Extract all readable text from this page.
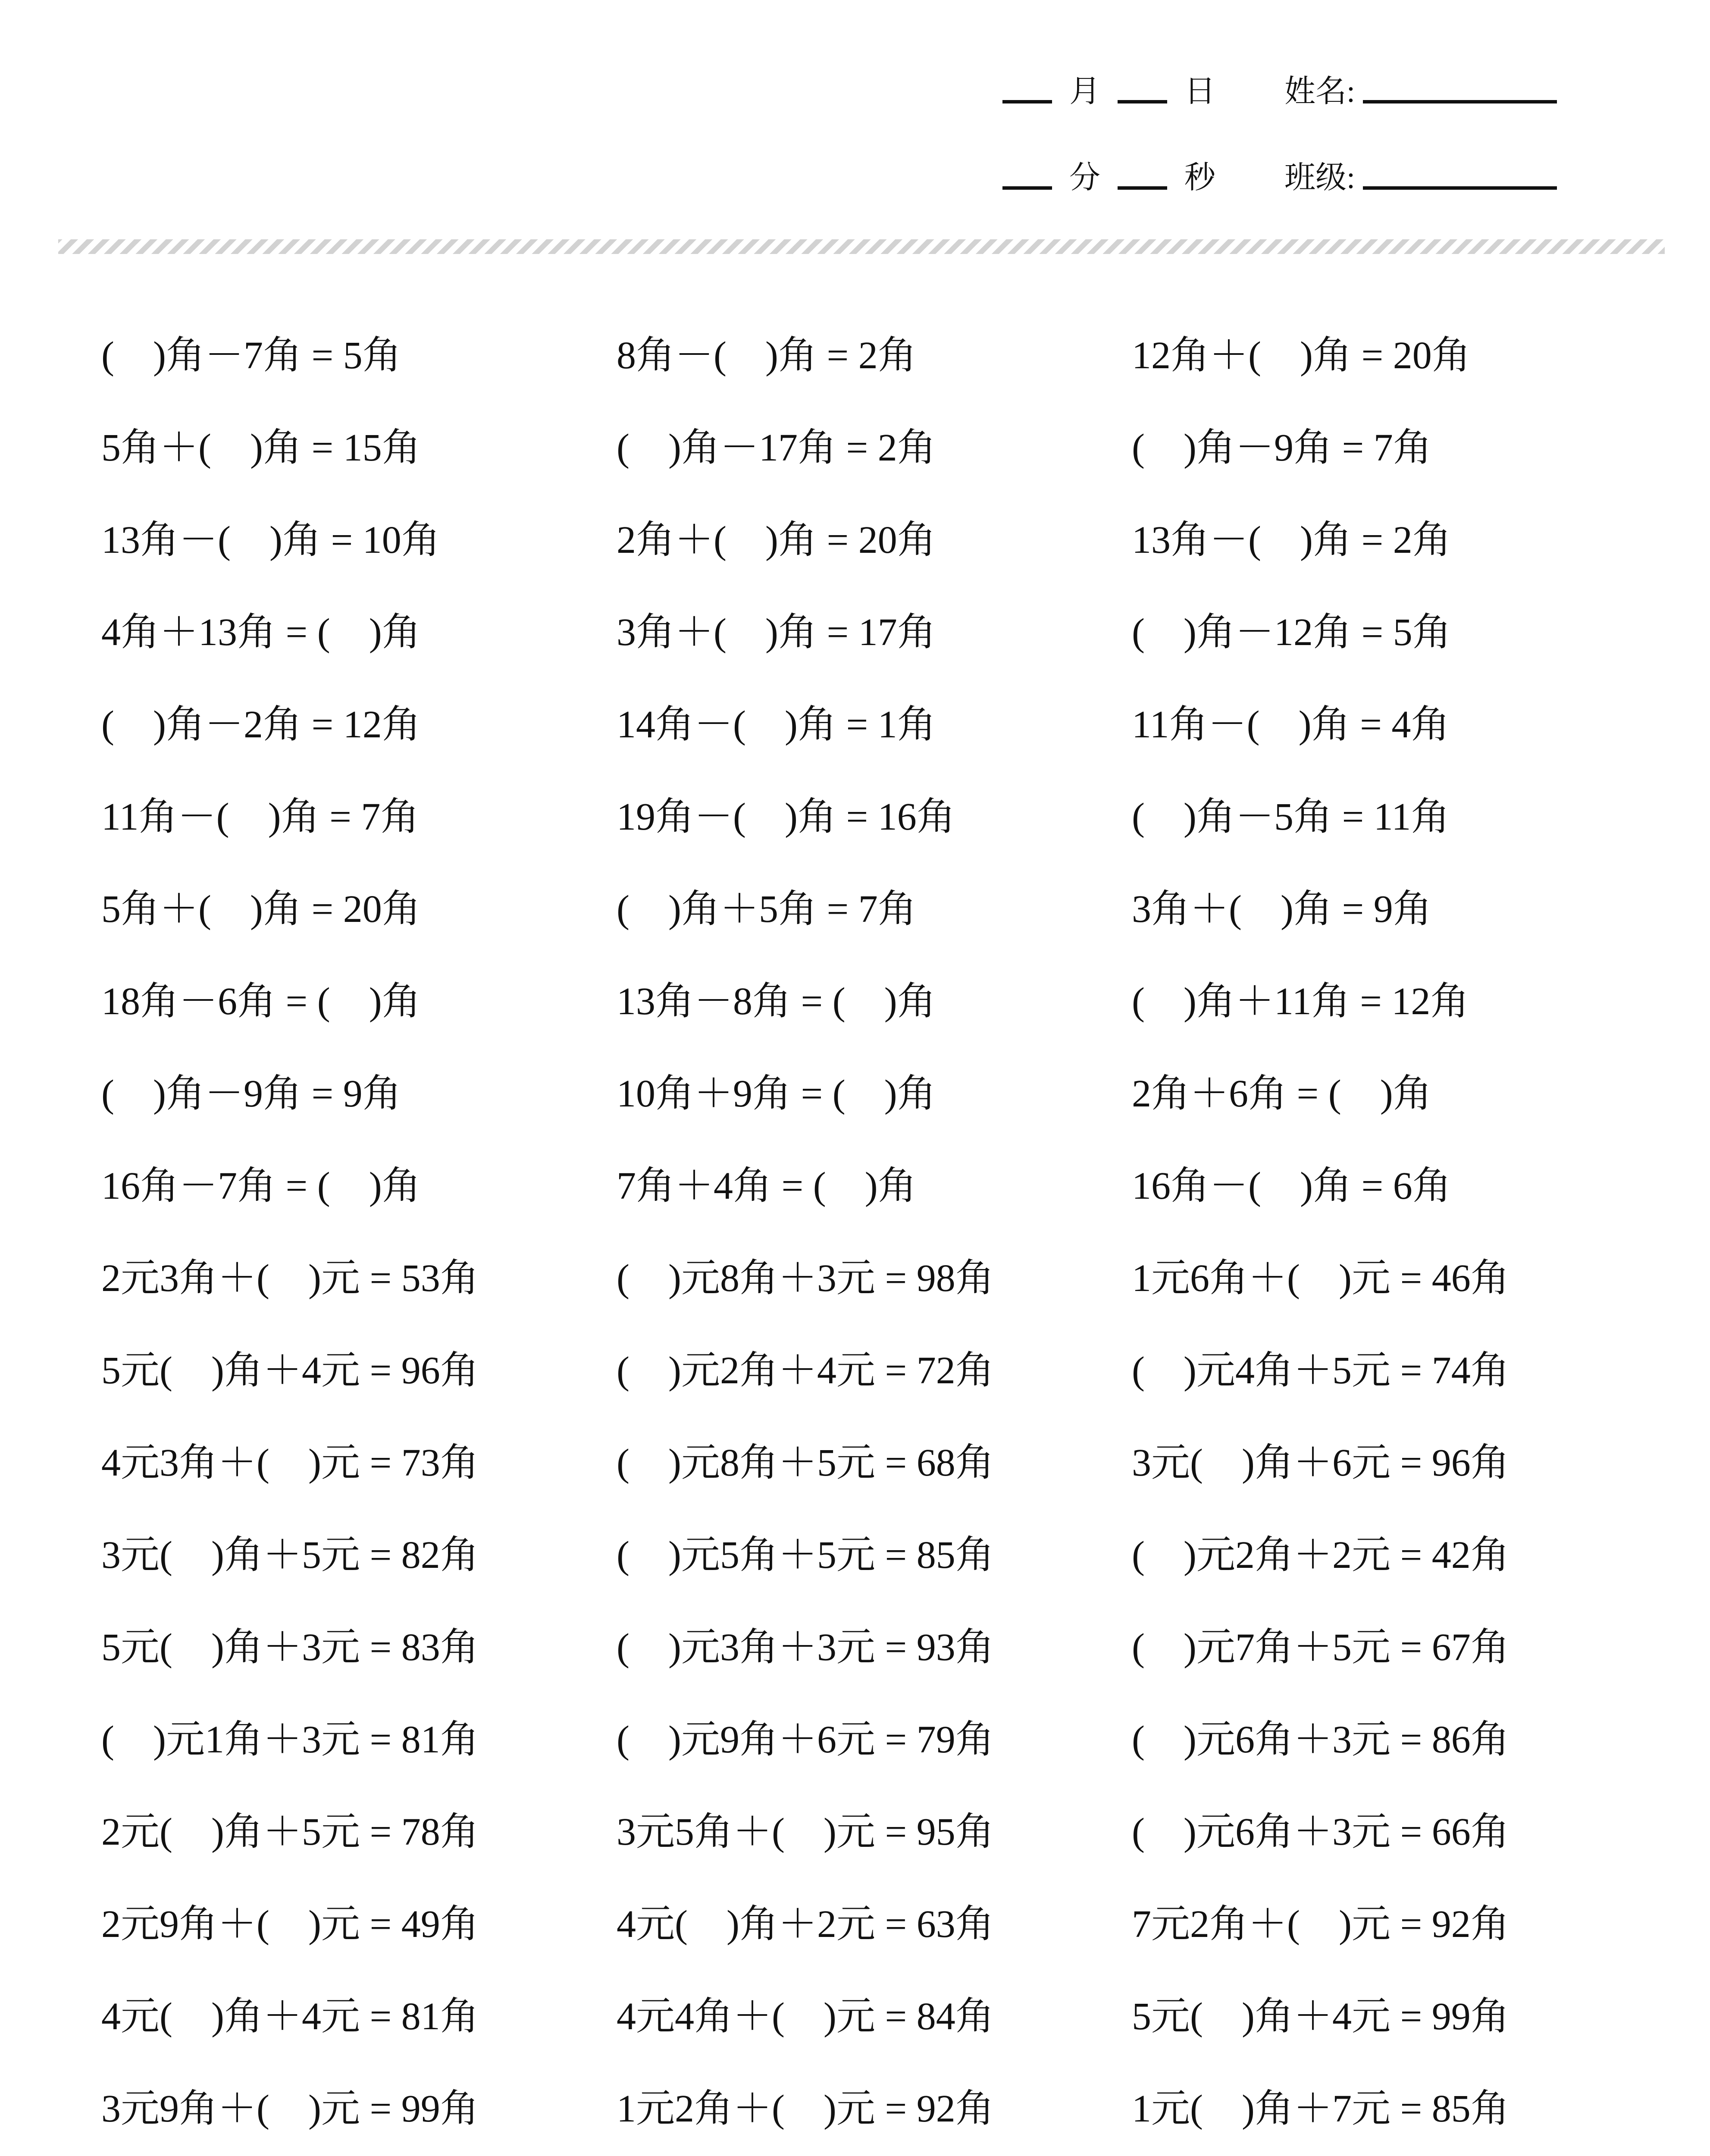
月	日 姓名:
分	秒 班级:
(    )角－7角 = 5角	8角－(    )角 = 2角	12角＋(    )角 = 20角
5角＋(    )角 = 15角	(    )角－17角 = 2角	(    )角－9角 = 7角
13角－(    )角 = 10角	2角＋(    )角 = 20角	13角－(    )角 = 2角
4角＋13角 = (    )角	3角＋(    )角 = 17角	(    )角－12角 = 5角
(    )角－2角 = 12角	14角－(    )角 = 1角	11角－(    )角 = 4角
11角－(    )角 = 7角	19角－(    )角 = 16角	(    )角－5角 = 11角
5角＋(    )角 = 20角	(    )角＋5角 = 7角	3角＋(    )角 = 9角
18角－6角 = (    )角	13角－8角 = (    )角	(    )角＋11角 = 12角
(    )角－9角 = 9角	10角＋9角 = (    )角	2角＋6角 = (    )角
16角－7角 = (    )角	7角＋4角 = (    )角	16角－(    )角 = 6角
2元3角＋(    )元 = 53角	(    )元8角＋3元 = 98角	1元6角＋(    )元 = 46角
5元(    )角＋4元 = 96角	(    )元2角＋4元 = 72角	(    )元4角＋5元 = 74角
4元3角＋(    )元 = 73角	(    )元8角＋5元 = 68角	3元(    )角＋6元 = 96角
3元(    )角＋5元 = 82角	(    )元5角＋5元 = 85角	(    )元2角＋2元 = 42角
5元(    )角＋3元 = 83角	(    )元3角＋3元 = 93角	(    )元7角＋5元 = 67角
(    )元1角＋3元 = 81角	(    )元9角＋6元 = 79角	(    )元6角＋3元 = 86角
2元(    )角＋5元 = 78角	3元5角＋(    )元 = 95角	(    )元6角＋3元 = 66角
2元9角＋(    )元 = 49角	4元(    )角＋2元 = 63角	7元2角＋(    )元 = 92角
4元(    )角＋4元 = 81角	4元4角＋(    )元 = 84角	5元(    )角＋4元 = 99角
3元9角＋(    )元 = 99角	1元2角＋(    )元 = 92角	1元(    )角＋7元 = 85角
